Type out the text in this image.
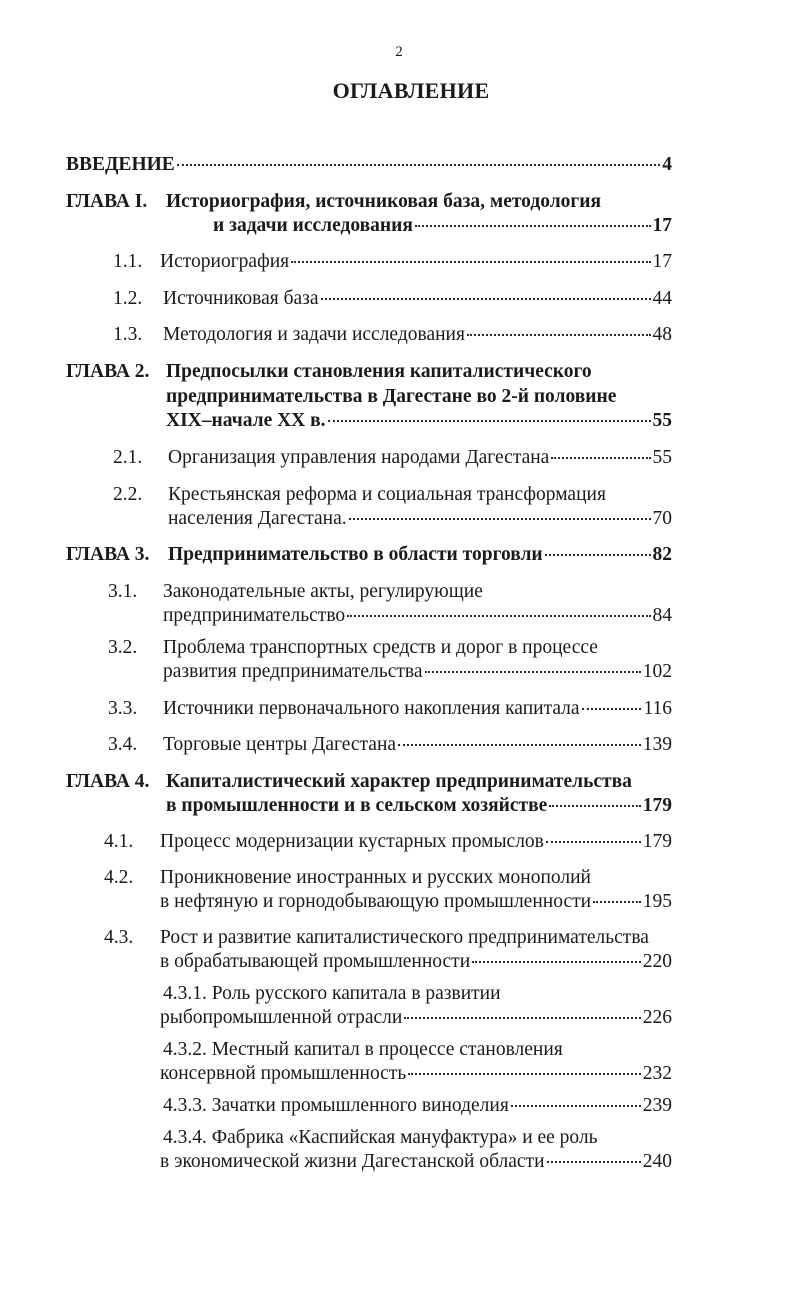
2
ОГЛАВЛЕНИЕ
ВВЕДЕНИЕ	4
ГЛАВА I. Историография, источниковая база, методология
и задачи исследования	17
1.1. Историография	17
1.2. Источниковая база	44
1.3. Методология и задачи исследования	48
ГЛАВА 2. Предпосылки становления капиталистического
предпринимательства в Дагестане во 2-й половине
XIX–начале XX в.	55
2.1. Организация управления народами Дагестана	55
2.2. Крестьянская реформа и социальная трансформация
населения Дагестана.	70
ГЛАВА 3. Предпринимательство в области торговли	82
3.1. Законодательные акты, регулирующие
предпринимательство	84
3.2. Проблема транспортных средств и дорог в процессе
развития предпринимательства	102
3.3. Источники первоначального накопления капитала	116
3.4. Торговые центры Дагестана	139
ГЛАВА 4. Капиталистический характер предпринимательства
в промышленности и в сельском хозяйстве	179
4.1. Процесс модернизации кустарных промыслов	179
4.2. Проникновение иностранных и русских монополий
в нефтяную и горнодобывающую промышленности	195
4.3. Рост и развитие капиталистического предпринимательства
в обрабатывающей промышленности	220
4.3.1. Роль русского капитала в развитии
рыбопромышленной отрасли	226
4.3.2. Местный капитал в процессе становления
консервной промышленность	232
4.3.3. Зачатки промышленного виноделия	239
4.3.4. Фабрика «Каспийская мануфактура» и ее роль
в экономической жизни Дагестанской области	240
